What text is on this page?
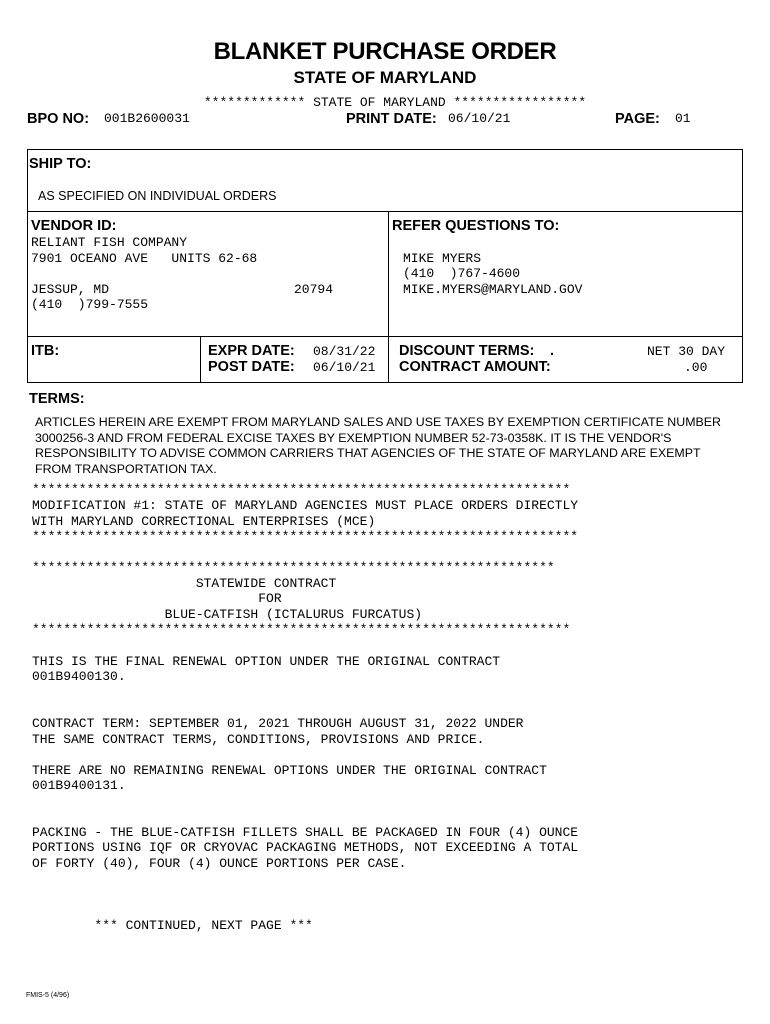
BLANKET PURCHASE ORDER
STATE OF MARYLAND
************* STATE OF MARYLAND *****************
BPO NO: 001B2600031	PRINT DATE: 06/10/21	PAGE: 01
SHIP TO:
AS SPECIFIED ON INDIVIDUAL ORDERS
VENDOR ID:
RELIANT FISH COMPANY
7901 OCEANO AVE   UNITS 62-68
JESSUP, MD	20794
(410  )799-7555
REFER QUESTIONS TO:
MIKE MYERS
(410  )767-4600
MIKE.MYERS@MARYLAND.GOV
ITB:	EXPR DATE: 08/31/22
POST DATE: 06/10/21
DISCOUNT TERMS: .	NET 30 DAY
CONTRACT AMOUNT:	.00
TERMS:
ARTICLES HEREIN ARE EXEMPT FROM MARYLAND SALES AND USE TAXES BY EXEMPTION CERTIFICATE NUMBER 3000256-3 AND FROM FEDERAL EXCISE TAXES BY EXEMPTION NUMBER 52-73-0358K. IT IS THE VENDOR'S RESPONSIBILITY TO ADVISE COMMON CARRIERS THAT AGENCIES OF THE STATE OF MARYLAND ARE EXEMPT FROM TRANSPORTATION TAX.
*********************************************************************
MODIFICATION #1: STATE OF MARYLAND AGENCIES MUST PLACE ORDERS DIRECTLY
WITH MARYLAND CORRECTIONAL ENTERPRISES (MCE)
**********************************************************************
*******************************************************************
STATEWIDE CONTRACT
FOR
BLUE-CATFISH (ICTALURUS FURCATUS)
*********************************************************************
THIS IS THE FINAL RENEWAL OPTION UNDER THE ORIGINAL CONTRACT
001B9400130.
CONTRACT TERM: SEPTEMBER 01, 2021 THROUGH AUGUST 31, 2022 UNDER
THE SAME CONTRACT TERMS, CONDITIONS, PROVISIONS AND PRICE.
THERE ARE NO REMAINING RENEWAL OPTIONS UNDER THE ORIGINAL CONTRACT
001B9400131.
PACKING - THE BLUE-CATFISH FILLETS SHALL BE PACKAGED IN FOUR (4) OUNCE
PORTIONS USING IQF OR CRYOVAC PACKAGING METHODS, NOT EXCEEDING A TOTAL
OF FORTY (40), FOUR (4) OUNCE PORTIONS PER CASE.
*** CONTINUED, NEXT PAGE ***
FMIS-5 (4/96)
